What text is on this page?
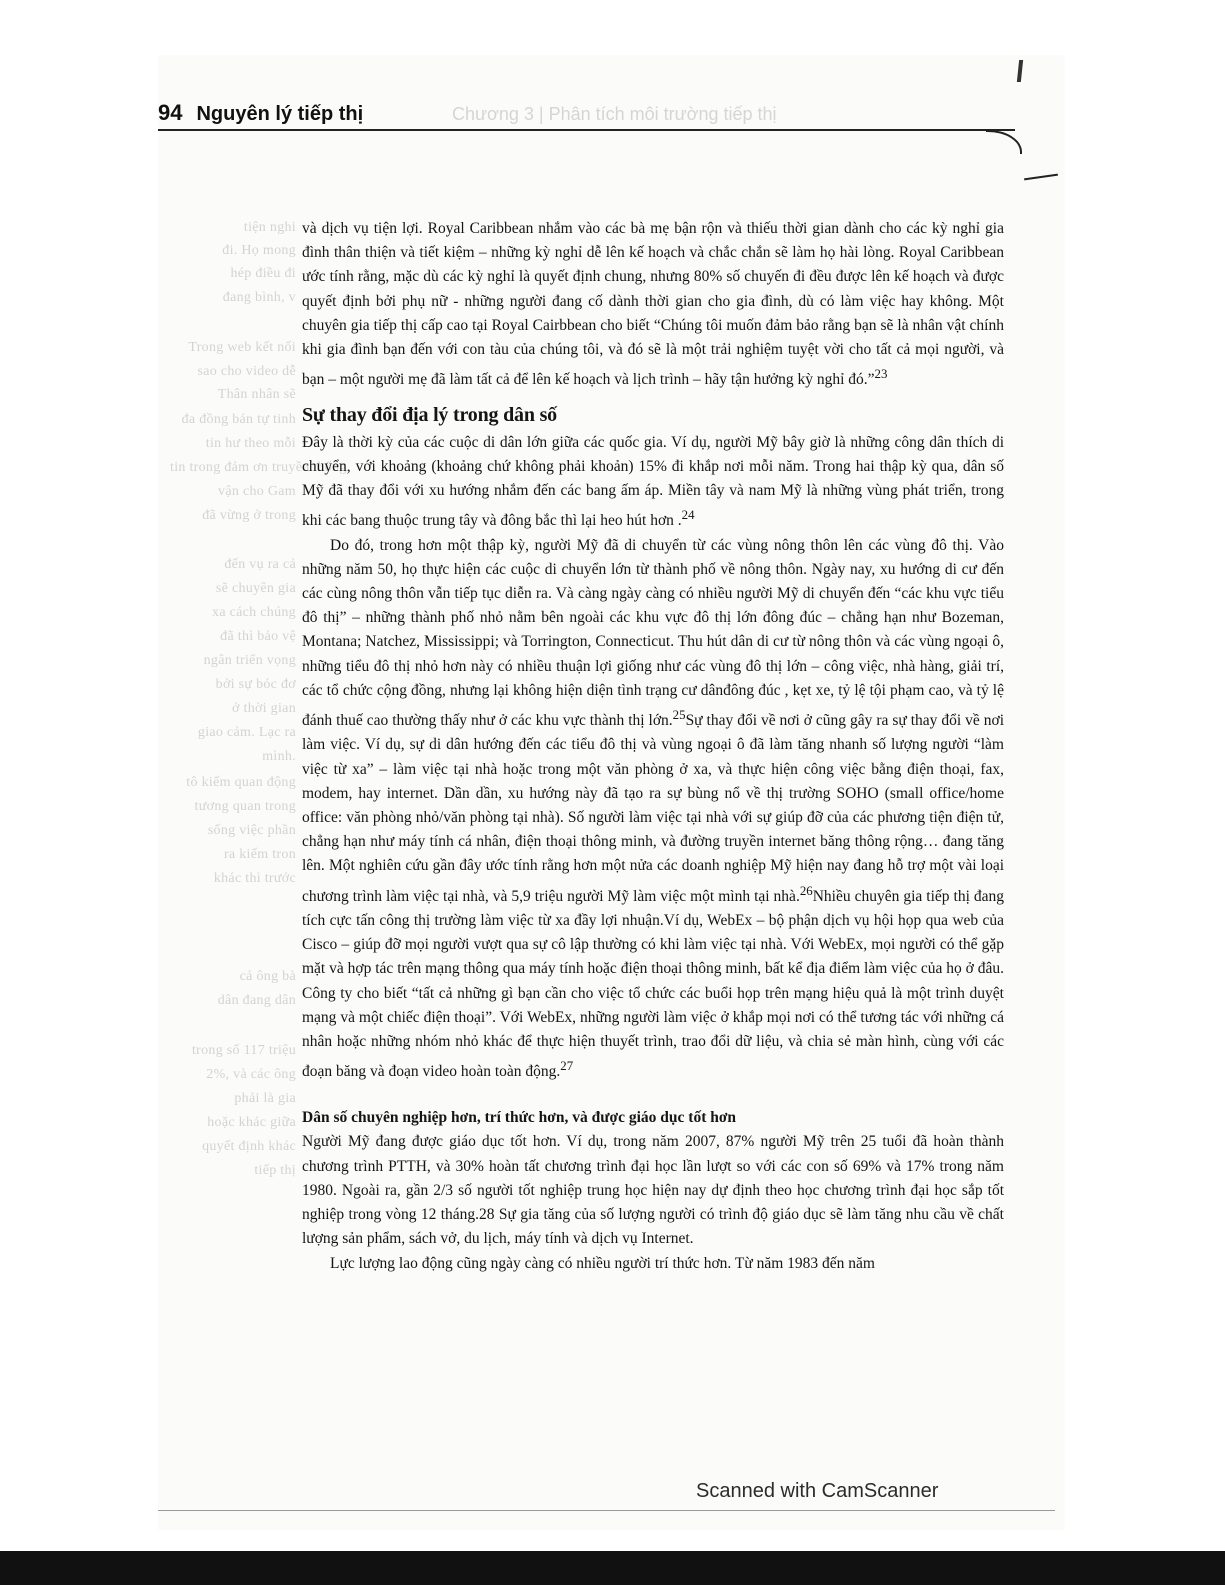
94 Nguyên lý tiếp thị	Chương 3 | Phân tích môi trường tiếp thị
tiện nghi
đi. Họ mong
hép điều đi
đang bình, v
Trong web kết nối
sao cho video dễ
Thân nhân sẽ
đa đồng bán tự tinh
tin hư theo mỗi
tin trong đảm ơn truyền thống
vận cho Gam
đã vừng ở trong
đến vụ ra cả
sẽ chuyên gia
xa cách chúng
đã thì bảo vệ
ngân triển vọng
bởi sự bóc đơ
ở thời gian
giao cảm. Lạc ra
mình.
tô kiếm quan động
tương quan trong
sống việc phần
ra kiếm tron
khác thì trước
cả ông bà
dân đang dân
trong số 117 triệu
2%, và các ông
phải là gia
hoặc khác giữa
quyết định khác
tiếp thị

và dịch vụ tiện lợi. Royal Caribbean nhắm vào các bà mẹ bận rộn và thiếu thời gian dành cho các kỳ nghỉ gia đình thân thiện và tiết kiệm – những kỳ nghỉ dễ lên kế hoạch và chắc chắn sẽ làm họ hài lòng. Royal Caribbean ước tính rằng, mặc dù các kỳ nghỉ là quyết định chung, nhưng 80% số chuyến đi đều được lên kế hoạch và được quyết định bởi phụ nữ - những người đang cố dành thời gian cho gia đình, dù có làm việc hay không. Một chuyên gia tiếp thị cấp cao tại Royal Cairbbean cho biết “Chúng tôi muốn đảm bảo rằng bạn sẽ là nhân vật chính khi gia đình bạn đến với con tàu của chúng tôi, và đó sẽ là một trải nghiệm tuyệt vời cho tất cả mọi người, và bạn – một người mẹ đã làm tất cả để lên kế hoạch và lịch trình – hãy tận hưởng kỳ nghỉ đó.”$^{23}$

Sự thay đổi địa lý trong dân số

Đây là thời kỳ của các cuộc di dân lớn giữa các quốc gia. Ví dụ, người Mỹ bây giờ là những công dân thích di chuyển, với khoảng (khoảng chứ không phải khoản) 15% đi khắp nơi mỗi năm. Trong hai thập kỳ qua, dân số Mỹ đã thay đổi với xu hướng nhắm đến các bang ấm áp. Miền tây và nam Mỹ là những vùng phát triển, trong khi các bang thuộc trung tây và đông bắc thì lại heo hút hơn .$^{24}$

Do đó, trong hơn một thập kỳ, người Mỹ đã di chuyển từ các vùng nông thôn lên các vùng đô thị. Vào những năm 50, họ thực hiện các cuộc di chuyển lớn từ thành phố về nông thôn. Ngày nay, xu hướng di cư đến các cùng nông thôn vẫn tiếp tục diễn ra. Và càng ngày càng có nhiều người Mỹ di chuyển đến “các khu vực tiểu đô thị” – những thành phố nhỏ nằm bên ngoài các khu vực đô thị lớn đông đúc – chẳng hạn như Bozeman, Montana; Natchez, Mississippi; và Torrington, Connecticut. Thu hút dân di cư từ nông thôn và các vùng ngoại ô, những tiểu đô thị nhỏ hơn này có nhiều thuận lợi giống như các vùng đô thị lớn – công việc, nhà hàng, giải trí, các tổ chức cộng đồng, nhưng lại không hiện diện tình trạng cư dânđông đúc , kẹt xe, tỷ lệ tội phạm cao, và tỷ lệ đánh thuế cao thường thấy như ở các khu vực thành thị lớn.$^{25}$Sự thay đổi về nơi ở cũng gây ra sự thay đổi về nơi làm việc. Ví dụ, sự di dân hướng đến các tiểu đô thị và vùng ngoại ô đã làm tăng nhanh số lượng người “làm việc từ xa” – làm việc tại nhà hoặc trong một văn phòng ở xa, và thực hiện công việc bằng điện thoại, fax, modem, hay internet. Dần dần, xu hướng này đã tạo ra sự bùng nổ về thị trường SOHO (small office/home office: văn phòng nhỏ/văn phòng tại nhà). Số người làm việc tại nhà với sự giúp đỡ của các phương tiện điện tử, chẳng hạn như máy tính cá nhân, điện thoại thông minh, và đường truyền internet băng thông rộng… đang tăng lên. Một nghiên cứu gần đây ước tính rằng hơn một nửa các doanh nghiệp Mỹ hiện nay đang hỗ trợ một vài loại chương trình làm việc tại nhà, và 5,9 triệu người Mỹ làm việc một mình tại nhà.$^{26}$Nhiều chuyên gia tiếp thị đang tích cực tấn công thị trường làm việc từ xa đầy lợi nhuận.Ví dụ, WebEx – bộ phận dịch vụ hội họp qua web của Cisco – giúp đỡ mọi người vượt qua sự cô lập thường có khi làm việc tại nhà. Với WebEx, mọi người có thể gặp mặt và hợp tác trên mạng thông qua máy tính hoặc điện thoại thông minh, bất kể địa điểm làm việc của họ ở đâu. Công ty cho biết “tất cả những gì bạn cần cho việc tổ chức các buổi họp trên mạng hiệu quả là một trình duyệt mạng và một chiếc điện thoại”. Với WebEx, những người làm việc ở khắp mọi nơi có thể tương tác với những cá nhân hoặc những nhóm nhỏ khác để thực hiện thuyết trình, trao đổi dữ liệu, và chia sẻ màn hình, cùng với các đoạn băng và đoạn video hoàn toàn động.$^{27}$

Dân số chuyên nghiệp hơn, trí thức hơn, và được giáo dục tốt hơn

Người Mỹ đang được giáo dục tốt hơn. Ví dụ, trong năm 2007, 87% người Mỹ trên 25 tuổi đã hoàn thành chương trình PTTH, và 30% hoàn tất chương trình đại học lần lượt so với các con số 69% và 17% trong năm 1980. Ngoài ra, gần 2/3 số người tốt nghiệp trung học hiện nay dự định theo học chương trình đại học sắp tốt nghiệp trong vòng 12 tháng.28 Sự gia tăng của số lượng người có trình độ giáo dục sẽ làm tăng nhu cầu về chất lượng sản phẩm, sách vở, du lịch, máy tính và dịch vụ Internet.

Lực lượng lao động cũng ngày càng có nhiều người trí thức hơn. Từ năm 1983 đến năm

Scanned with CamScanner
